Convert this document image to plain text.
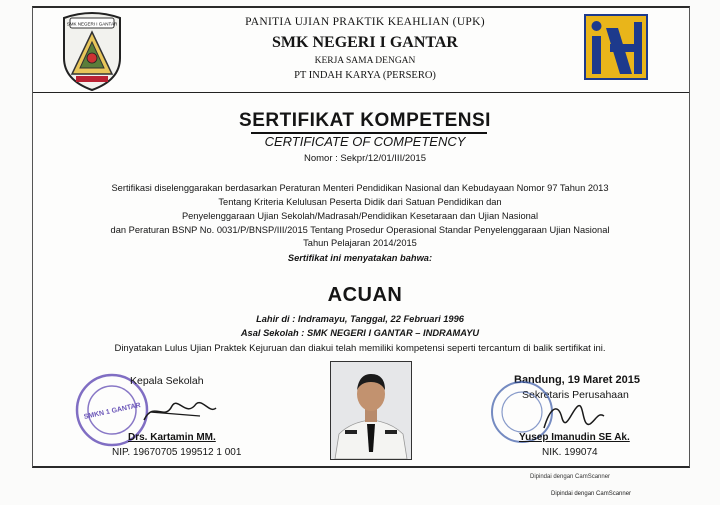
SMK NEGERI I GANTAR	PANITIA UJIAN PRAKTIK KEAHLIAN (UPK)
SMK NEGERI I GANTAR
KERJA SAMA DENGAN
PT INDAH KARYA (PERSERO)
SERTIFIKAT KOMPETENSI
CERTIFICATE OF COMPETENCY
Nomor : Sekpr/12/01/III/2015
Sertifikasi diselenggarakan berdasarkan Peraturan Menteri Pendidikan Nasional dan Kebudayaan Nomor 97 Tahun 2013
Tentang Kriteria Kelulusan Peserta Didik dari Satuan Pendidikan dan
Penyelenggaraan Ujian Sekolah/Madrasah/Pendidikan Kesetaraan dan Ujian Nasional
dan Peraturan BSNP No. 0031/P/BNSP/III/2015 Tentang Prosedur Operasional Standar Penyelenggaraan Ujian Nasional
Tahun Pelajaran 2014/2015
Sertifikat ini menyatakan bahwa:
ACUAN
Lahir di : Indramayu, Tanggal, 22 Februari 1996
Asal Sekolah : SMK NEGERI I GANTAR – INDRAMAYU
Dinyatakan Lulus Ujian Praktek Kejuruan dan diakui telah memiliki kompetensi seperti tercantum di balik sertifikat ini.
SMKN 1 GANTAR
Kepala Sekolah
Drs. Kartamin MM.
NIP. 19670705 199512 1 001
Bandung, 19 Maret 2015
Sekretaris Perusahaan
Yusep Imanudin SE Ak.
NIK. 199074
Dipindai dengan CamScanner
Dipindai dengan CamScanner
